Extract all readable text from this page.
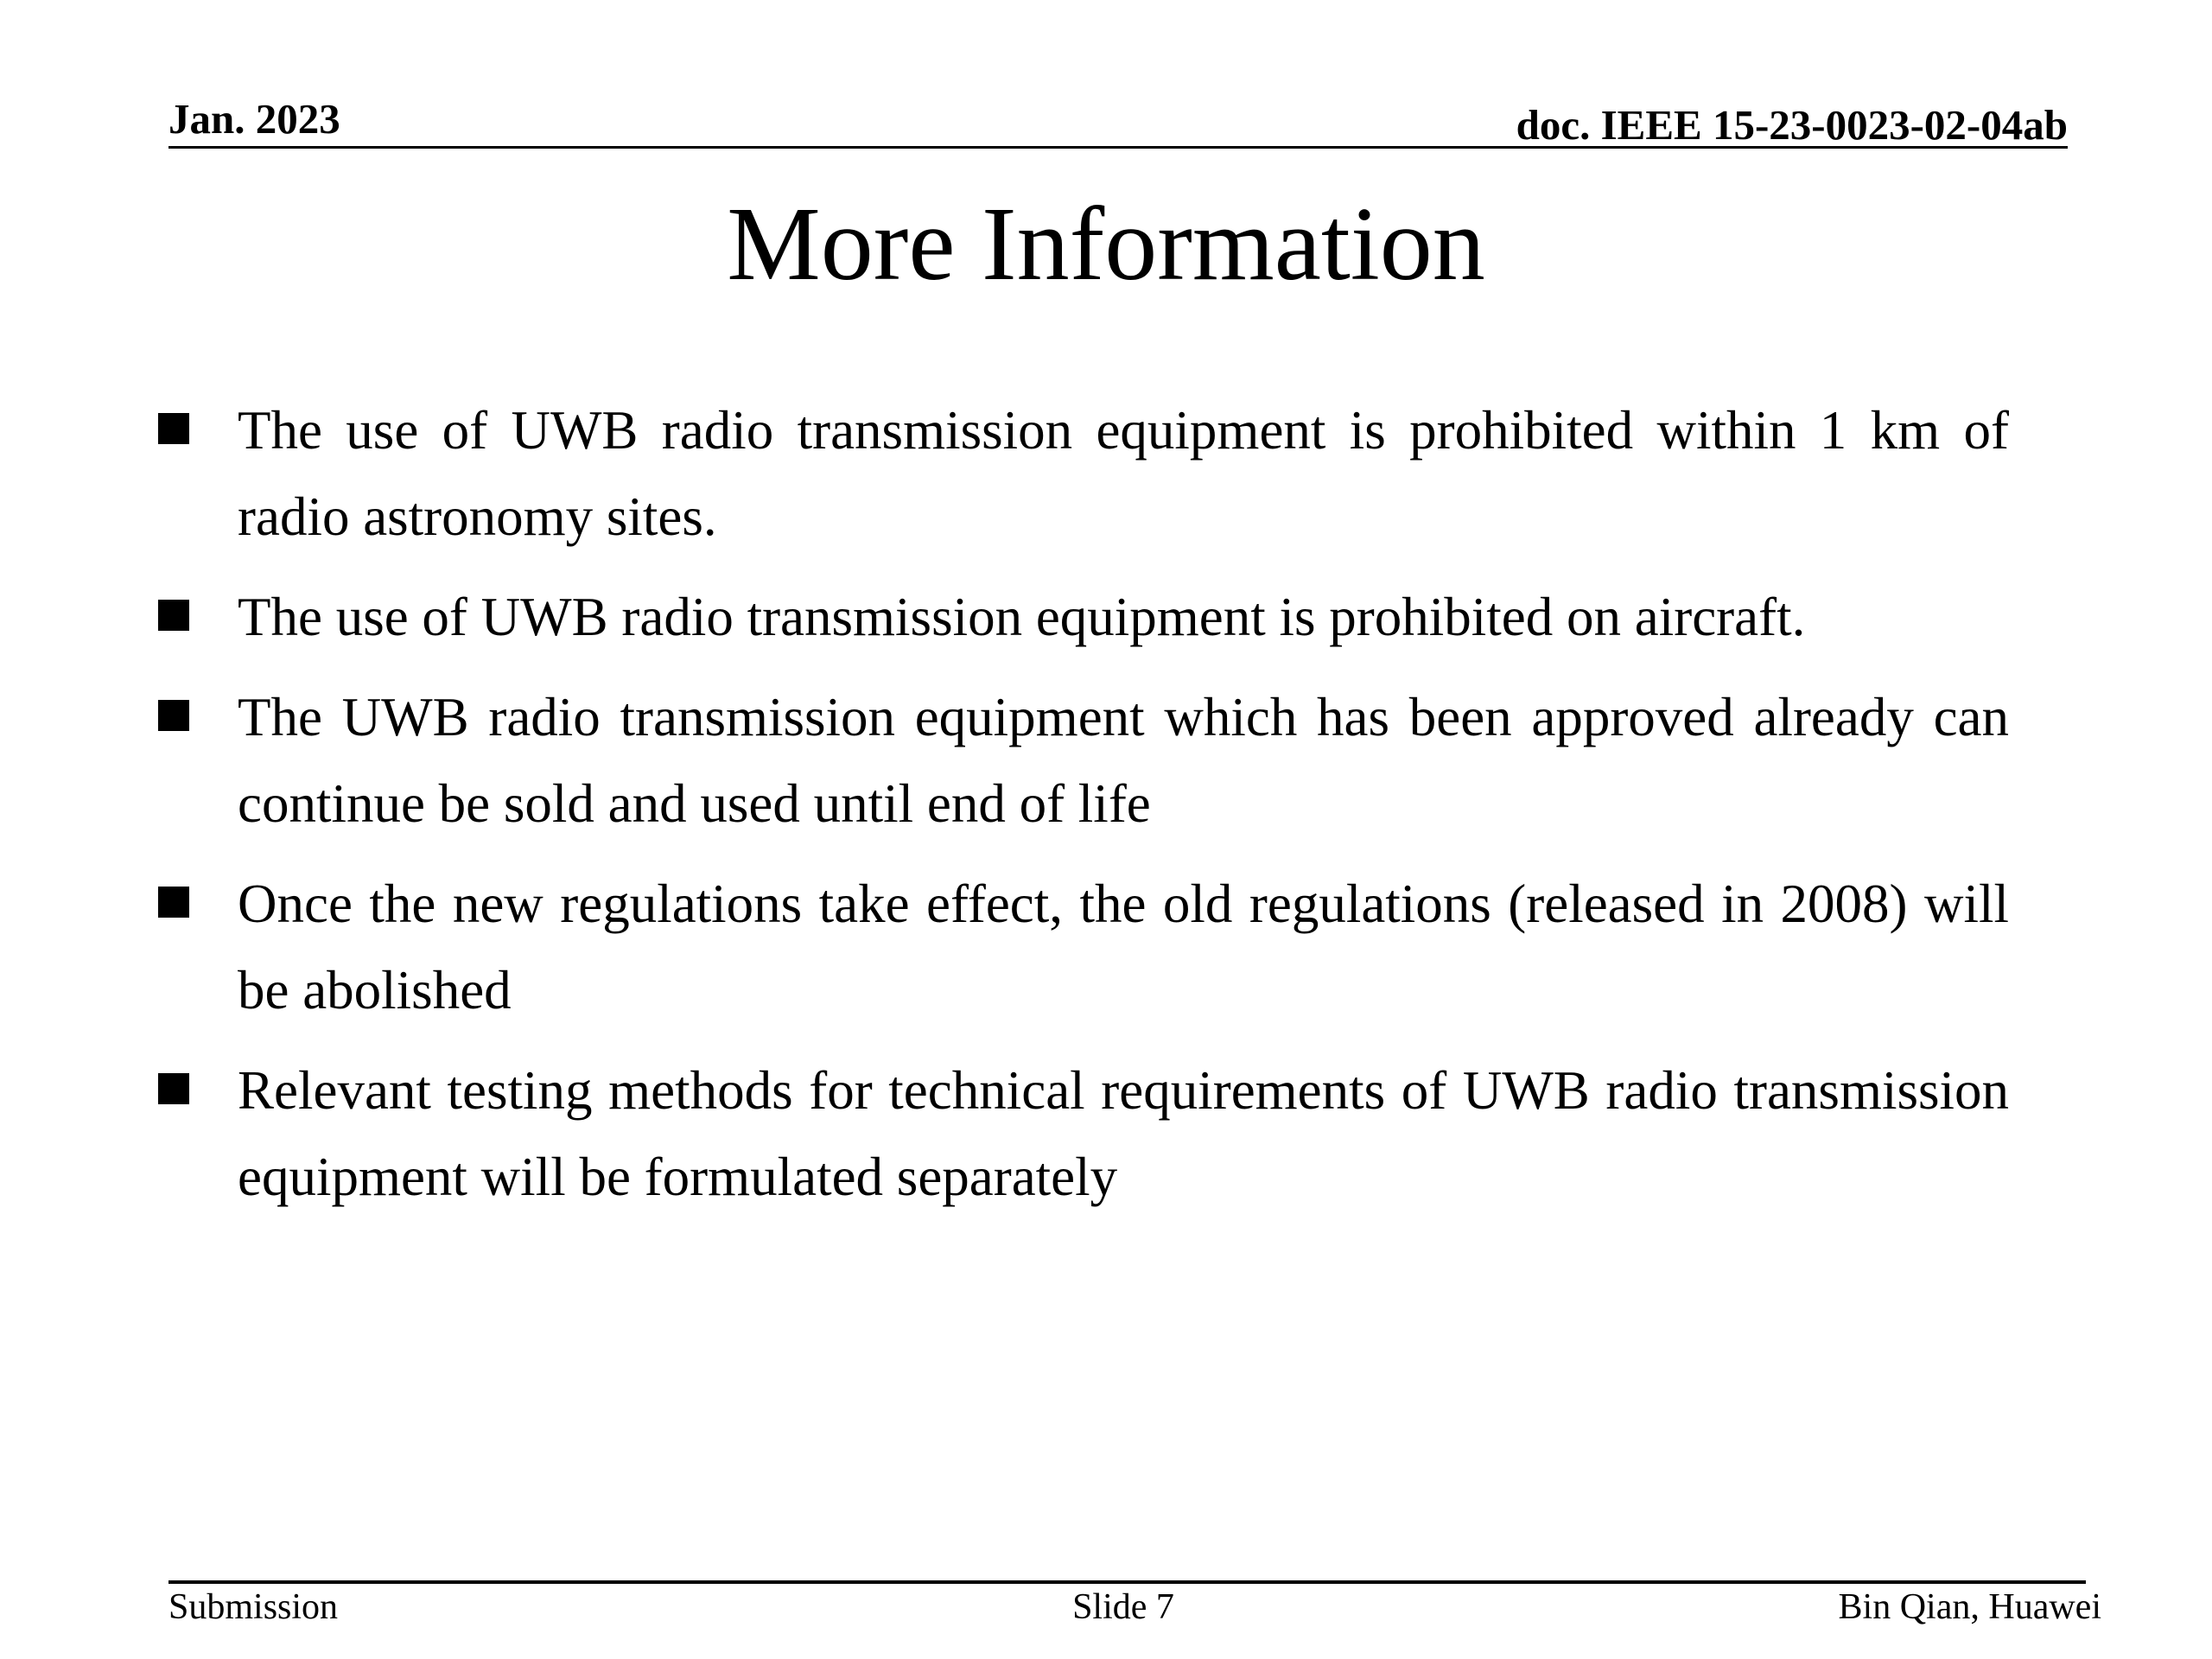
Jan. 2023	doc. IEEE 15-23-0023-02-04ab
More Information
The use of UWB radio transmission equipment is prohibited within 1 km of radio astronomy sites.
The use of UWB radio transmission equipment is prohibited on aircraft.
The UWB radio transmission equipment which has been approved already can continue be sold and used until end of life
Once the new regulations take effect, the old regulations (released in 2008) will be abolished
Relevant testing methods for technical requirements of UWB radio transmission equipment will be formulated separately
Submission	Slide 7	Bin Qian, Huawei
